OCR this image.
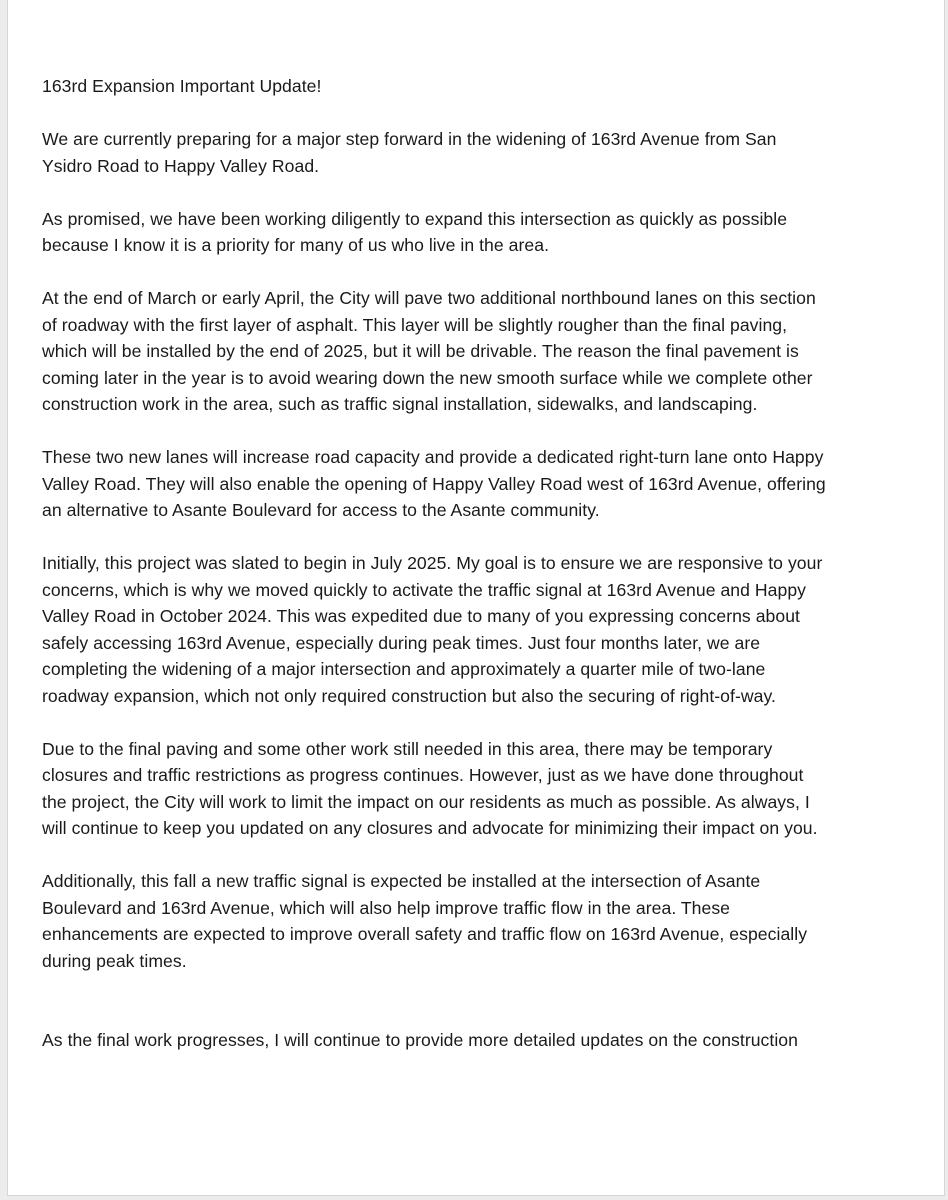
163rd Expansion Important Update!

We are currently preparing for a major step forward in the widening of 163rd Avenue from San

Ysidro Road to Happy Valley Road.

As promised, we have been working diligently to expand this intersection as quickly as possible

because I know it is a priority for many of us who live in the area.

At the end of March or early April, the City will pave two additional northbound lanes on this section

of roadway with the first layer of asphalt. This layer will be slightly rougher than the final paving,

which will be installed by the end of 2025, but it will be drivable. The reason the final pavement is

coming later in the year is to avoid wearing down the new smooth surface while we complete other

construction work in the area, such as traffic signal installation, sidewalks, and landscaping.

These two new lanes will increase road capacity and provide a dedicated right-turn lane onto Happy

Valley Road. They will also enable the opening of Happy Valley Road west of 163rd Avenue, offering

an alternative to Asante Boulevard for access to the Asante community.

Initially, this project was slated to begin in July 2025. My goal is to ensure we are responsive to your

concerns, which is why we moved quickly to activate the traffic signal at 163rd Avenue and Happy

Valley Road in October 2024. This was expedited due to many of you expressing concerns about

safely accessing 163rd Avenue, especially during peak times. Just four months later, we are

completing the widening of a major intersection and approximately a quarter mile of two-lane

roadway expansion, which not only required construction but also the securing of right-of-way.

Due to the final paving and some other work still needed in this area, there may be temporary

closures and traffic restrictions as progress continues. However, just as we have done throughout

the project, the City will work to limit the impact on our residents as much as possible. As always, I

will continue to keep you updated on any closures and advocate for minimizing their impact on you.

Additionally, this fall a new traffic signal is expected be installed at the intersection of Asante

Boulevard and 163rd Avenue, which will also help improve traffic flow in the area. These

enhancements are expected to improve overall safety and traffic flow on 163rd Avenue, especially

during peak times.

As the final work progresses, I will continue to provide more detailed updates on the construction
